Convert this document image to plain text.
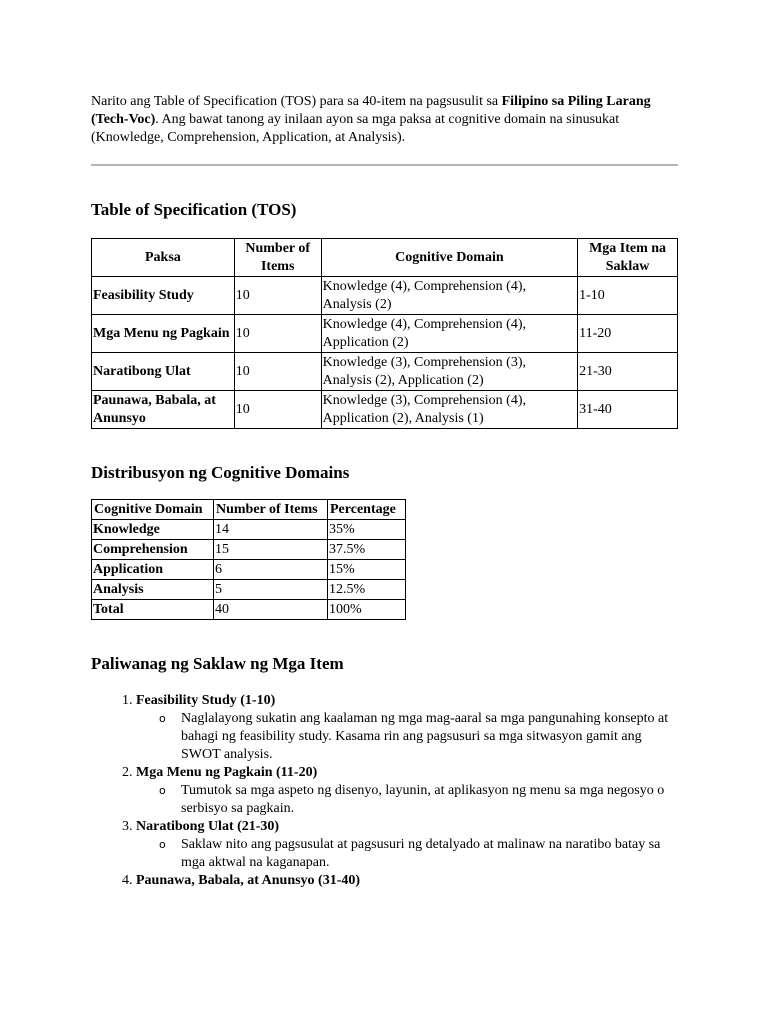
Narito ang Table of Specification (TOS) para sa 40-item na pagsusulit sa Filipino sa Piling Larang (Tech-Voc). Ang bawat tanong ay inilaan ayon sa mga paksa at cognitive domain na sinusukat (Knowledge, Comprehension, Application, at Analysis).

Table of Specification (TOS)
Paksa	Number of Items	Cognitive Domain	Mga Item na Saklaw
Feasibility Study	10	Knowledge (4), Comprehension (4), Analysis (2)	1-10
Mga Menu ng Pagkain	10	Knowledge (4), Comprehension (4), Application (2)	11-20
Naratibong Ulat	10	Knowledge (3), Comprehension (3), Analysis (2), Application (2)	21-30
Paunawa, Babala, at Anunsyo	10	Knowledge (3), Comprehension (4), Application (2), Analysis (1)	31-40
Distribusyon ng Cognitive Domains
Cognitive Domain	Number of Items	Percentage
Knowledge	14	35%
Comprehension	15	37.5%
Application	6	15%
Analysis	5	12.5%
Total	40	100%
Paliwanag ng Saklaw ng Mga Item
1. Feasibility Study (1-10)
o Naglalayong sukatin ang kaalaman ng mga mag-aaral sa mga pangunahing konsepto at bahagi ng feasibility study. Kasama rin ang pagsusuri sa mga sitwasyon gamit ang SWOT analysis.
2. Mga Menu ng Pagkain (11-20)
o Tumutok sa mga aspeto ng disenyo, layunin, at aplikasyon ng menu sa mga negosyo o serbisyo sa pagkain.
3. Naratibong Ulat (21-30)
o Saklaw nito ang pagsusulat at pagsusuri ng detalyado at malinaw na naratibo batay sa mga aktwal na kaganapan.
4. Paunawa, Babala, at Anunsyo (31-40)
